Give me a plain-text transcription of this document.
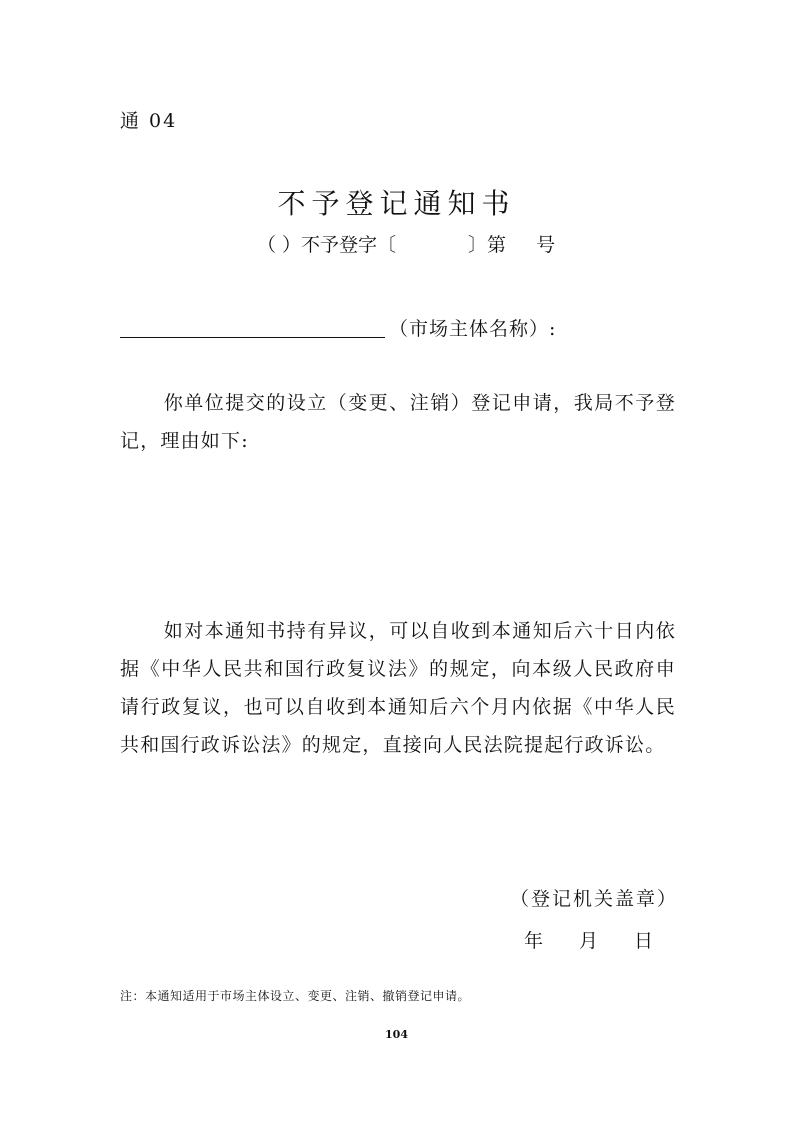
通 04
不予登记通知书
（ ）不予登字〔	〕第 号
（市场主体名称）:
你单位提交的设立（变更、注销）登记申请，我局不予登记，理由如下:
如对本通知书持有异议，可以自收到本通知后六十日内依据《中华人民共和国行政复议法》的规定，向本级人民政府申请行政复议，也可以自收到本通知后六个月内依据《中华人民共和国行政诉讼法》的规定，直接向人民法院提起行政诉讼。
（登记机关盖章）
年 月 日
注：本通知适用于市场主体设立、变更、注销、撤销登记申请。
104
